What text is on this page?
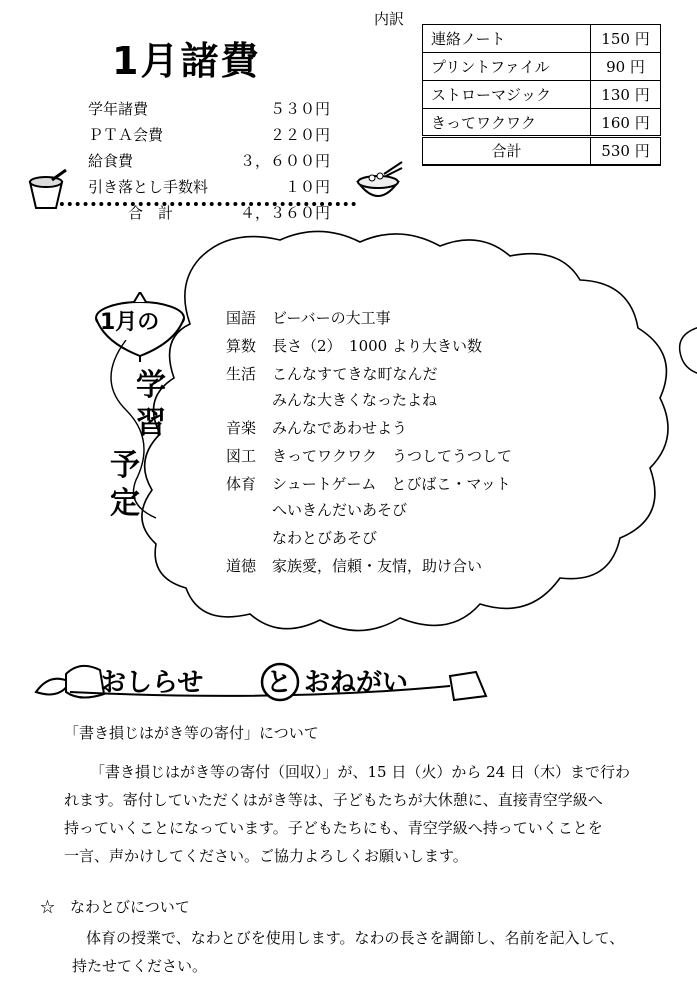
1月諸費
学年諸費	５３０円
ＰＴＡ会費	２２０円
給食費	３，６００円
引き落とし手数料	１０円
合　計	４，３６０円
内訳
連絡ノート	150 円
プリントファイル	90 円
ストローマジック	130 円
きってワクワク	160 円
合計	530 円
1月の
学
習
予
定
国語	ビーバーの大工事
算数	長さ（2）　1000 より大きい数
生活	こんなすてきな町なんだ
みんな大きくなったよね
音楽	みんなであわせよう
図工	きってワクワク　うつしてうつして
体育	シュートゲーム　とびばこ・マット
へいきんだいあそび
なわとびあそび
道徳	家族愛，信頼・友情，助け合い
おしらせ と おねがい
「書き損じはがき等の寄付」について
「書き損じはがき等の寄付（回収）」が、15 日（火）から 24 日（木）まで行わ
れます。寄付していただくはがき等は、子どもたちが大休憩に、直接青空学級へ
持っていくことになっています。子どもたちにも、青空学級へ持っていくことを
一言、声かけしてください。ご協力よろしくお願いします。
☆　なわとびについて
体育の授業で、なわとびを使用します。なわの長さを調節し、名前を記入して、
持たせてください。
